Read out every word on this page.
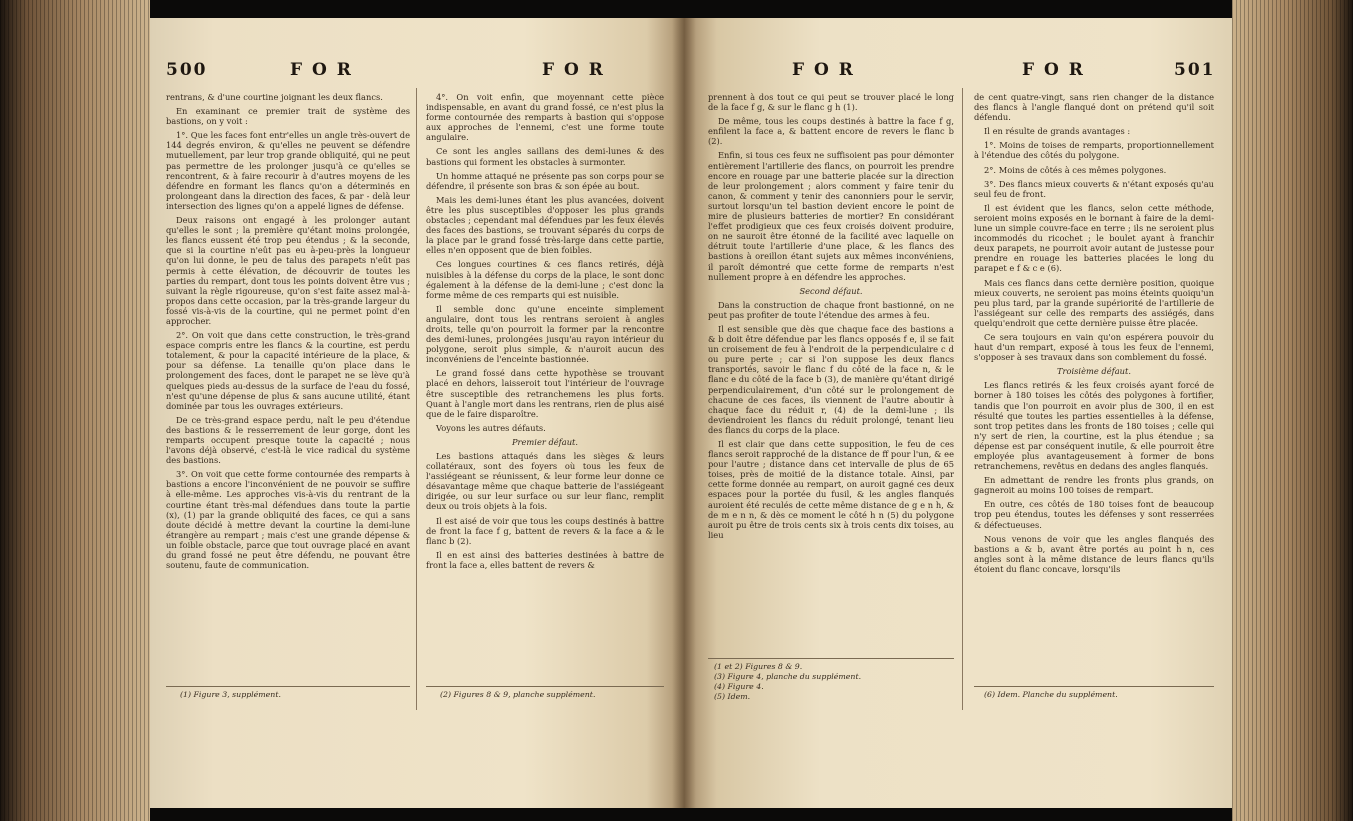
500	F O R	F O R

rentrans, & d'une courtine joignant les deux flancs.

En examinant ce premier trait de système des bastions, on y voit :

1°. Que les faces font entr'elles un angle très-ouvert de 144 degrés environ, & qu'elles ne peuvent se défendre mutuellement, par leur trop grande obliquité, qui ne peut pas permettre de les prolonger jusqu'à ce qu'elles se rencontrent, & à faire recourir à d'autres moyens de les défendre en formant les flancs qu'on a déterminés en prolongeant dans la direction des faces, & par - delà leur intersection des lignes qu'on a appelé lignes de défense.

Deux raisons ont engagé à les prolonger autant qu'elles le sont ; la première qu'étant moins prolongée, les flancs eussent été trop peu étendus ; & la seconde, que si la courtine n'eût pas eu à-peu-près la longueur qu'on lui donne, le peu de talus des parapets n'eût pas permis à cette élévation, de découvrir de toutes les parties du rempart, dont tous les points doivent être vus ; suivant la règle rigoureuse, qu'on s'est faite assez mal-à-propos dans cette occasion, par la très-grande largeur du fossé vis-à-vis de la courtine, qui ne permet point d'en approcher.

2°. On voit que dans cette construction, le très-grand espace compris entre les flancs & la courtine, est perdu totalement, & pour la capacité intérieure de la place, & pour sa défense. La tenaille qu'on place dans le prolongement des faces, dont le parapet ne se lève qu'à quelques pieds au-dessus de la surface de l'eau du fossé, n'est qu'une dépense de plus & sans aucune utilité, étant dominée par tous les ouvrages extérieurs.

De ce très-grand espace perdu, naît le peu d'étendue des bastions & le resserrement de leur gorge, dont les remparts occupent presque toute la capacité ; nous l'avons déjà observé, c'est-là le vice radical du système des bastions.

3°. On voit que cette forme contournée des remparts à bastions a encore l'inconvénient de ne pouvoir se suffire à elle-même. Les approches vis-à-vis du rentrant de la courtine étant très-mal défendues dans toute la partie (x), (1) par la grande obliquité des faces, ce qui a sans doute décidé à mettre devant la courtine la demi-lune étrangère au rempart ; mais c'est une grande dépense & un foible obstacle, parce que tout ouvrage placé en avant du grand fossé ne peut être défendu, ne pouvant être soutenu, faute de communication.

4°. On voit enfin, que moyennant cette pièce indispensable, en avant du grand fossé, ce n'est plus la forme contournée des remparts à bastion qui s'oppose aux approches de l'ennemi, c'est une forme toute angulaire.

Ce sont les angles saillans des demi-lunes & des bastions qui forment les obstacles à surmonter.

Un homme attaqué ne présente pas son corps pour se défendre, il présente son bras & son épée au bout.

Mais les demi-lunes étant les plus avancées, doivent être les plus susceptibles d'opposer les plus grands obstacles ; cependant mal défendues par les feux élevés des faces des bastions, se trouvant séparés du corps de la place par le grand fossé très-large dans cette partie, elles n'en opposent que de bien foibles.

Ces longues courtines & ces flancs retirés, déjà nuisibles à la défense du corps de la place, le sont donc également à la défense de la demi-lune ; c'est donc la forme même de ces remparts qui est nuisible.

Il semble donc qu'une enceinte simplement angulaire, dont tous les rentrans seroient à angles droits, telle qu'on pourroit la former par la rencontre des demi-lunes, prolongées jusqu'au rayon intérieur du polygone, seroit plus simple, & n'auroit aucun des inconvéniens de l'enceinte bastionnée.

Le grand fossé dans cette hypothèse se trouvant placé en dehors, laisseroit tout l'intérieur de l'ouvrage être susceptible des retranchemens les plus forts. Quant à l'angle mort dans les rentrans, rien de plus aisé que de le faire disparoître.

Voyons les autres défauts.

Premier défaut.

Les bastions attaqués dans les sièges & leurs collatéraux, sont des foyers où tous les feux de l'assiégeant se réunissent, & leur forme leur donne ce désavantage même que chaque batterie de l'assiégeant dirigée, ou sur leur surface ou sur leur flanc, remplit deux ou trois objets à la fois.

Il est aisé de voir que tous les coups destinés à battre de front la face f g, battent de revers & la face a & le flanc b (2).

Il en est ainsi des batteries destinées à battre de front la face a, elles battent de revers &

(1) Figure 3, supplément.	(2) Figures 8 & 9, planche supplément.
F O R	F O R	501

prennent à dos tout ce qui peut se trouver placé le long de la face f g, & sur le flanc g h (1).

De même, tous les coups destinés à battre la face f g, enfilent la face a, & battent encore de revers le flanc b (2).

Enfin, si tous ces feux ne suffisoient pas pour démonter entièrement l'artillerie des flancs, on pourroit les prendre encore en rouage par une batterie placée sur la direction de leur prolongement ; alors comment y faire tenir du canon, & comment y tenir des canonniers pour le servir, surtout lorsqu'un tel bastion devient encore le point de mire de plusieurs batteries de mortier? En considérant l'effet prodigieux que ces feux croisés doivent produire, on ne sauroit être étonné de la facilité avec laquelle on détruit toute l'artillerie d'une place, & les flancs des bastions à oreillon étant sujets aux mêmes inconvéniens, il paroît démontré que cette forme de remparts n'est nullement propre à en défendre les approches.

Second défaut.

Dans la construction de chaque front bastionné, on ne peut pas profiter de toute l'étendue des armes à feu.

Il est sensible que dès que chaque face des bastions a & b doit être défendue par les flancs opposés f e, il se fait un croisement de feu à l'endroit de la perpendiculaire c d ou pure perte ; car si l'on suppose les deux flancs transportés, savoir le flanc f du côté de la face n, & le flanc e du côté de la face b (3), de manière qu'étant dirigé perpendiculairement, d'un côté sur le prolongement de chacune de ces faces, ils viennent de l'autre aboutir à chaque face du réduit r, (4) de la demi-lune ; ils deviendroient les flancs du réduit prolongé, tenant lieu des flancs du corps de la place.

Il est clair que dans cette supposition, le feu de ces flancs seroit rapproché de la distance de ff pour l'un, & ee pour l'autre ; distance dans cet intervalle de plus de 65 toises, près de moitié de la distance totale. Ainsi, par cette forme donnée au rempart, on auroit gagné ces deux espaces pour la portée du fusil, & les angles flanqués auroient été reculés de cette même distance de g e n h, & de m e n n, & dès ce moment le côté h n (5) du polygone auroit pu être de trois cents six à trois cents dix toises, au lieu

de cent quatre-vingt, sans rien changer de la distance des flancs à l'angle flanqué dont on prétend qu'il soit défendu.

Il en résulte de grands avantages :

1°. Moins de toises de remparts, proportionnellement à l'étendue des côtés du polygone.

2°. Moins de côtés à ces mêmes polygones.

3°. Des flancs mieux couverts & n'étant exposés qu'au seul feu de front.

Il est évident que les flancs, selon cette méthode, seroient moins exposés en le bornant à faire de la demi-lune un simple couvre-face en terre ; ils ne seroient plus incommodés du ricochet ; le boulet ayant à franchir deux parapets, ne pourroit avoir autant de justesse pour prendre en rouage les batteries placées le long du parapet e f & c e (6).

Mais ces flancs dans cette dernière position, quoique mieux couverts, ne seroient pas moins éteints quoiqu'un peu plus tard, par la grande supériorité de l'artillerie de l'assiégeant sur celle des remparts des assiégés, dans quelqu'endroit que cette dernière puisse être placée.

Ce sera toujours en vain qu'on espérera pouvoir du haut d'un rempart, exposé à tous les feux de l'ennemi, s'opposer à ses travaux dans son comblement du fossé.

Troisième défaut.

Les flancs retirés & les feux croisés ayant forcé de borner à 180 toises les côtés des polygones à fortifier, tandis que l'on pourroit en avoir plus de 300, il en est résulté que toutes les parties essentielles à la défense, sont trop petites dans les fronts de 180 toises ; celle qui n'y sert de rien, la courtine, est la plus étendue ; sa dépense est par conséquent inutile, & elle pourroit être employée plus avantageusement à former de bons retranchemens, revêtus en dedans des angles flanqués.

En admettant de rendre les fronts plus grands, on gagneroit au moins 100 toises de rempart.

En outre, ces côtés de 180 toises font de beaucoup trop peu étendus, toutes les défenses y sont resserrées & défectueuses.

Nous venons de voir que les angles flanqués des bastions a & b, avant être portés au point h n, ces angles sont à la même distance de leurs flancs qu'ils étoient du flanc concave, lorsqu'ils

(1 et 2) Figures 8 & 9.
(3) Figure 4, planche du supplément.
(4) Figure 4.
(5) Idem.	(6) Idem. Planche du supplément.
